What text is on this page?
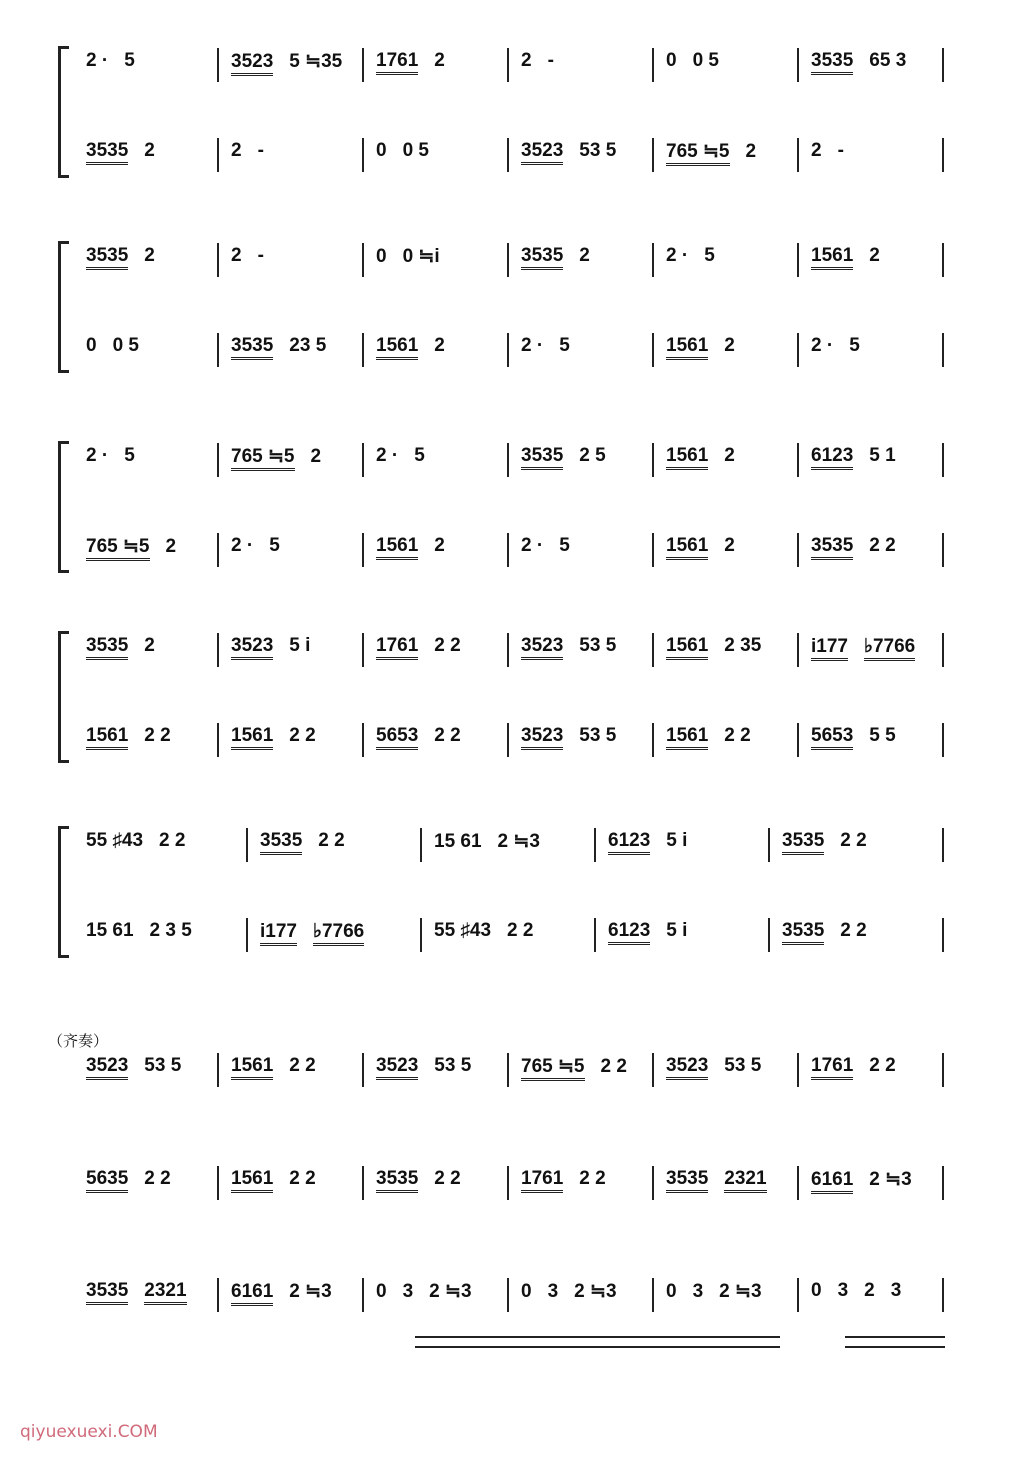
2 · 5	3523 5 ≒35	1761 2	2 -	0 0 5	3535 65 3
3535 2	2 -	0 0 5	3523 53 5	765 ≒5 2	2 -
3535 2	2 -	0 0 ≒i	3535 2	2 · 5	1561 2
0 0 5	3535 23 5	1561 2	2 · 5	1561 2	2 · 5
2 · 5	765 ≒5 2	2 · 5	3535 2 5	1561 2	6123 5 1
765 ≒5 2	2 · 5	1561 2	2 · 5	1561 2	3535 2 2
3535 2	3523 5 i	1761 2 2	3523 53 5	1561 2 35	i177 ♭7766
1561 2 2	1561 2 2	5653 2 2	3523 53 5	1561 2 2	5653 5 5
55 ♯43 2 2	3535 2 2	15 61 2 ≒3	6123 5 i	3535 2 2
15 61 2 3 5	i177 ♭7766	55 ♯43 2 2	6123 5 i	3535 2 2
3523 53 5	1561 2 2	3523 53 5	765 ≒5 2 2	3523 53 5	1761 2 2
5635 2 2	1561 2 2	3535 2 2	1761 2 2	3535 2321	6161 2 ≒3
3535 2321	6161 2 ≒3	0 3 2 ≒3	0 3 2 ≒3	0 3 2 ≒3	0 3 2 3
（齐奏）
qiyuexuexi.COM
